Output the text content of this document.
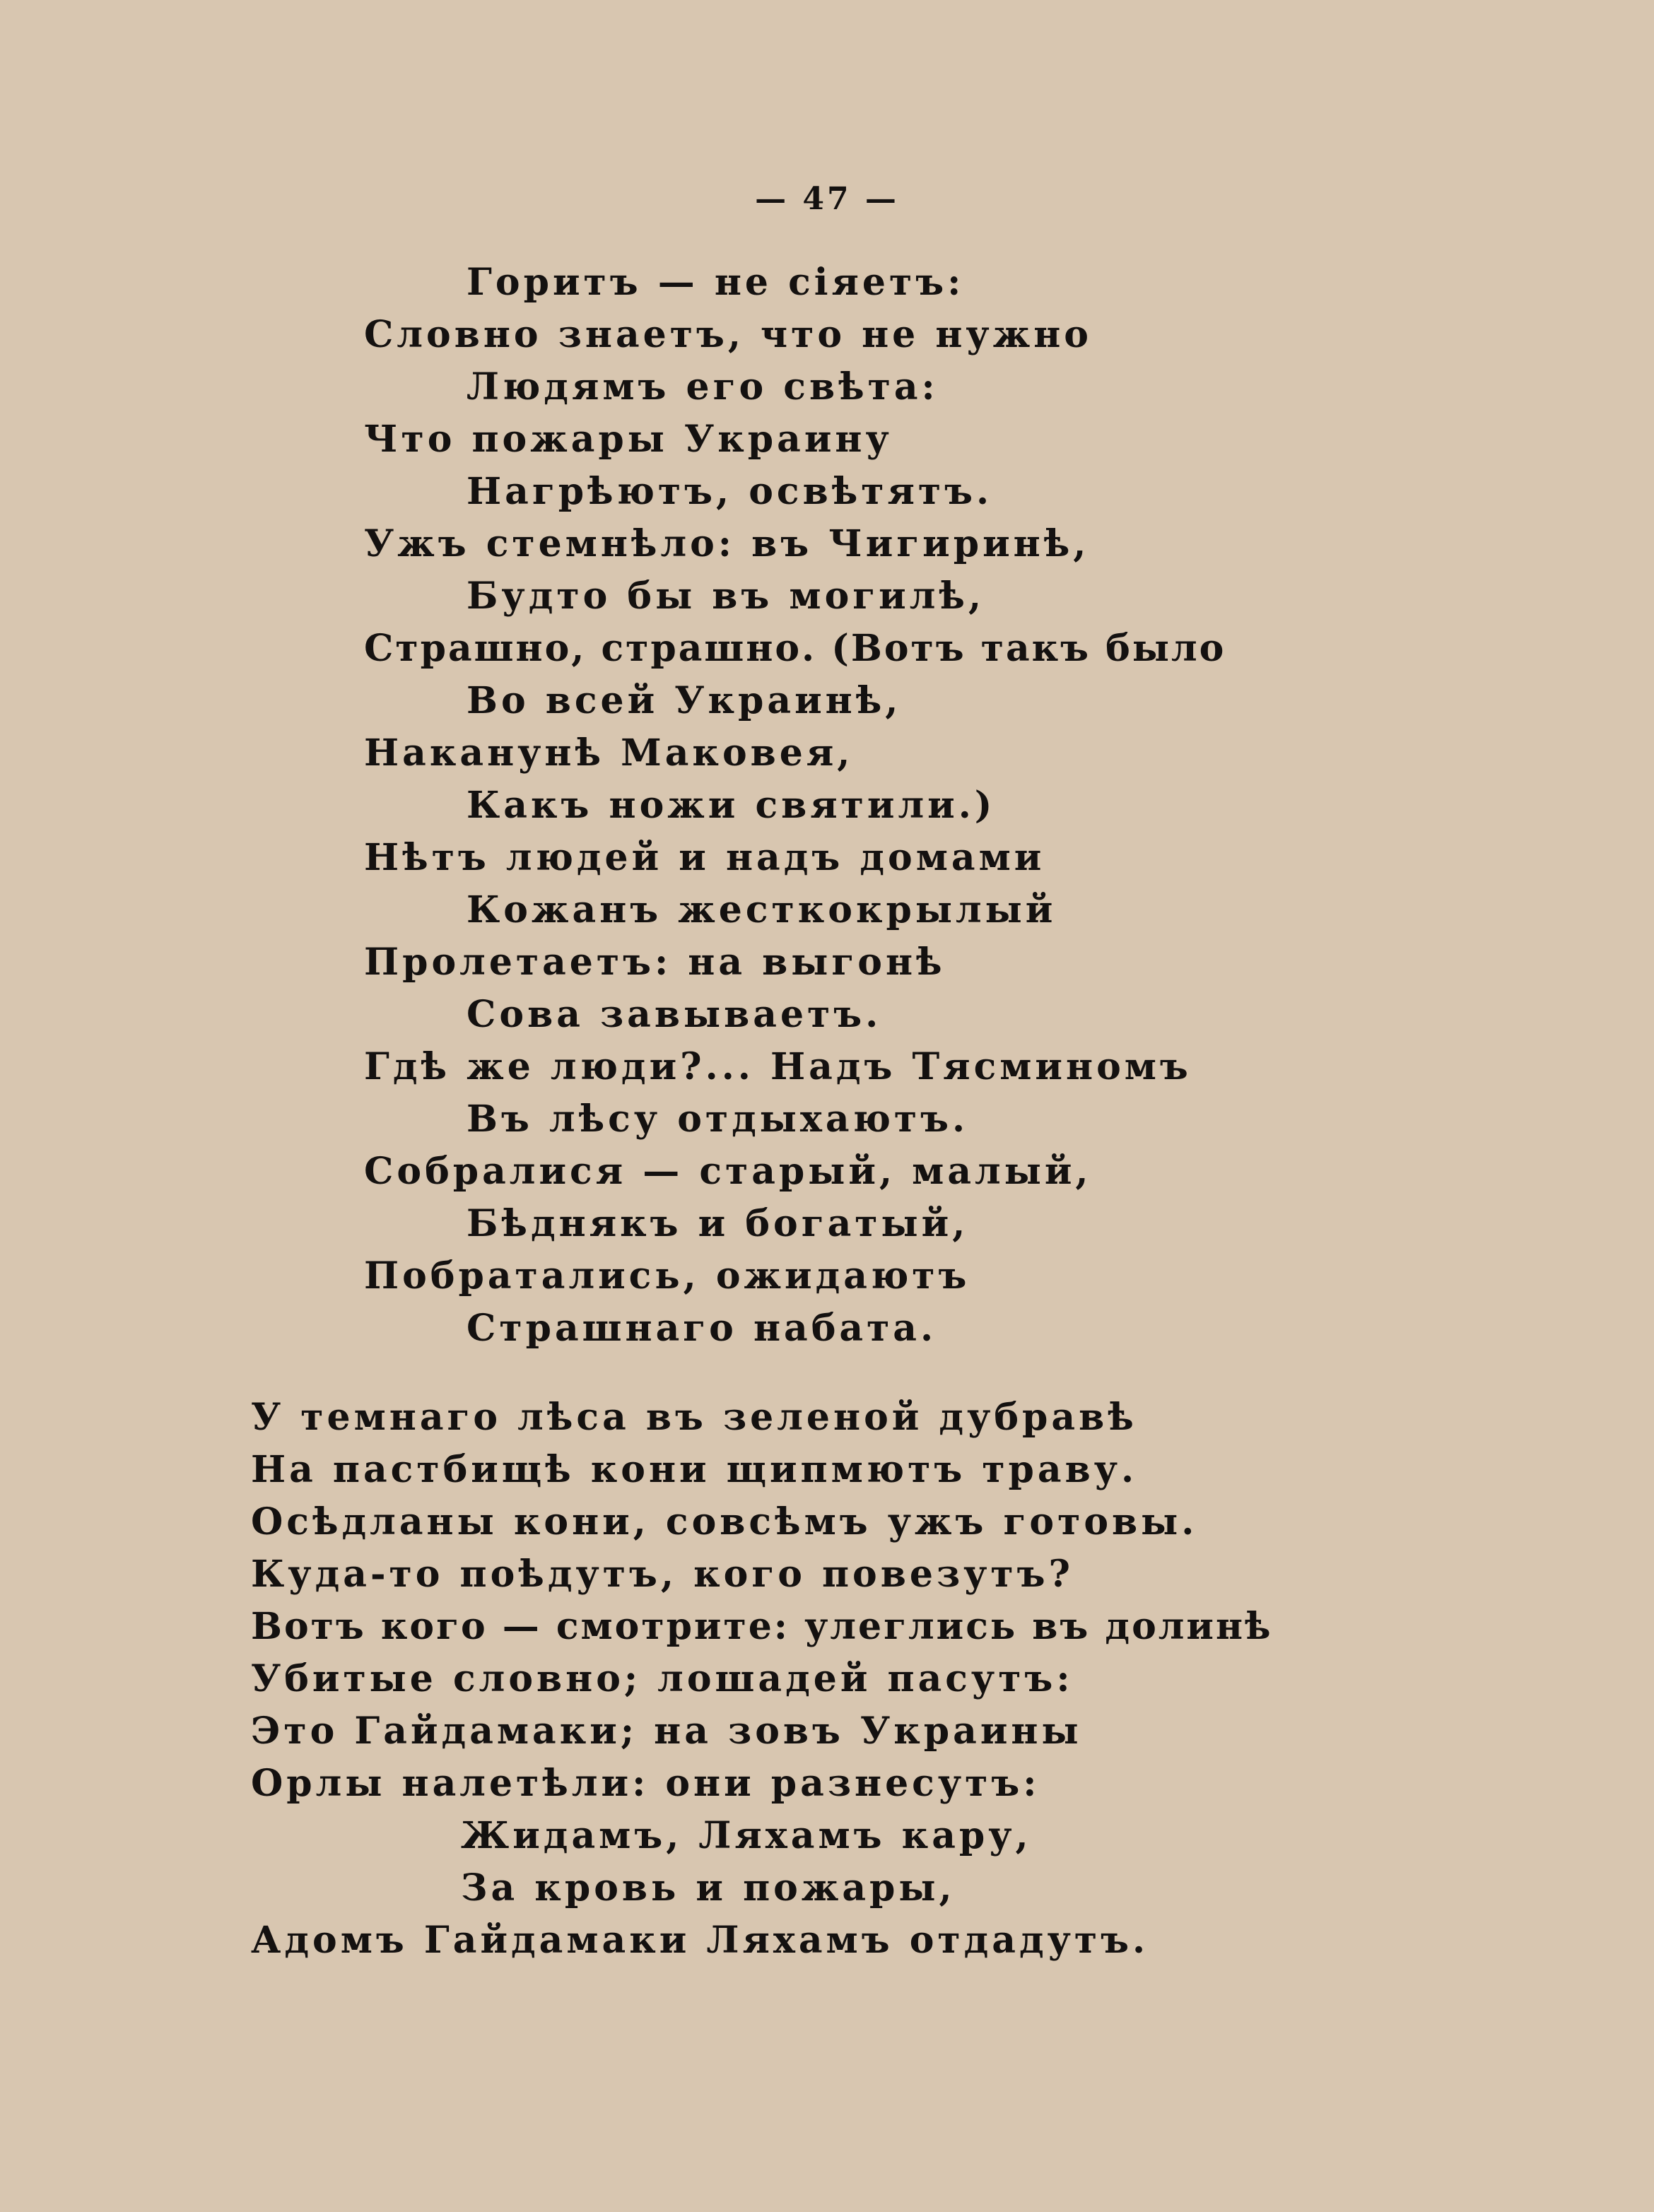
— 47 —
Горитъ — не сіяетъ:
Словно знаетъ, что не нужно
Людямъ его свѣта:
Что пожары Украину
Нагрѣютъ, освѣтятъ.
Ужъ стемнѣло: въ Чигиринѣ,
Будто бы въ могилѣ,
Страшно, страшно. (Вотъ такъ было
Во всей Украинѣ,
Наканунѣ Маковея,
Какъ ножи святили.)
Нѣтъ людей и надъ домами
Кожанъ жесткокрылый
Пролетаетъ: на выгонѣ
Сова завываетъ.
Гдѣ же люди?... Надъ Тясминомъ
Въ лѣсу отдыхаютъ.
Собралися — старый, малый,
Бѣднякъ и богатый,
Побратались, ожидаютъ
Страшнаго набата.
У темнаго лѣса въ зеленой дубравѣ
На пастбищѣ кони щипмютъ траву.
Осѣдланы кони, совсѣмъ ужъ готовы.
Куда-то поѣдутъ, кого повезутъ?
Вотъ кого — смотрите: улеглись въ долинѣ
Убитые словно; лошадей пасутъ:
Это Гайдамаки; на зовъ Украины
Орлы налетѣли: они разнесутъ:
Жидамъ, Ляхамъ кару,
За кровь и пожары,
Адомъ Гайдамаки Ляхамъ отдадутъ.
